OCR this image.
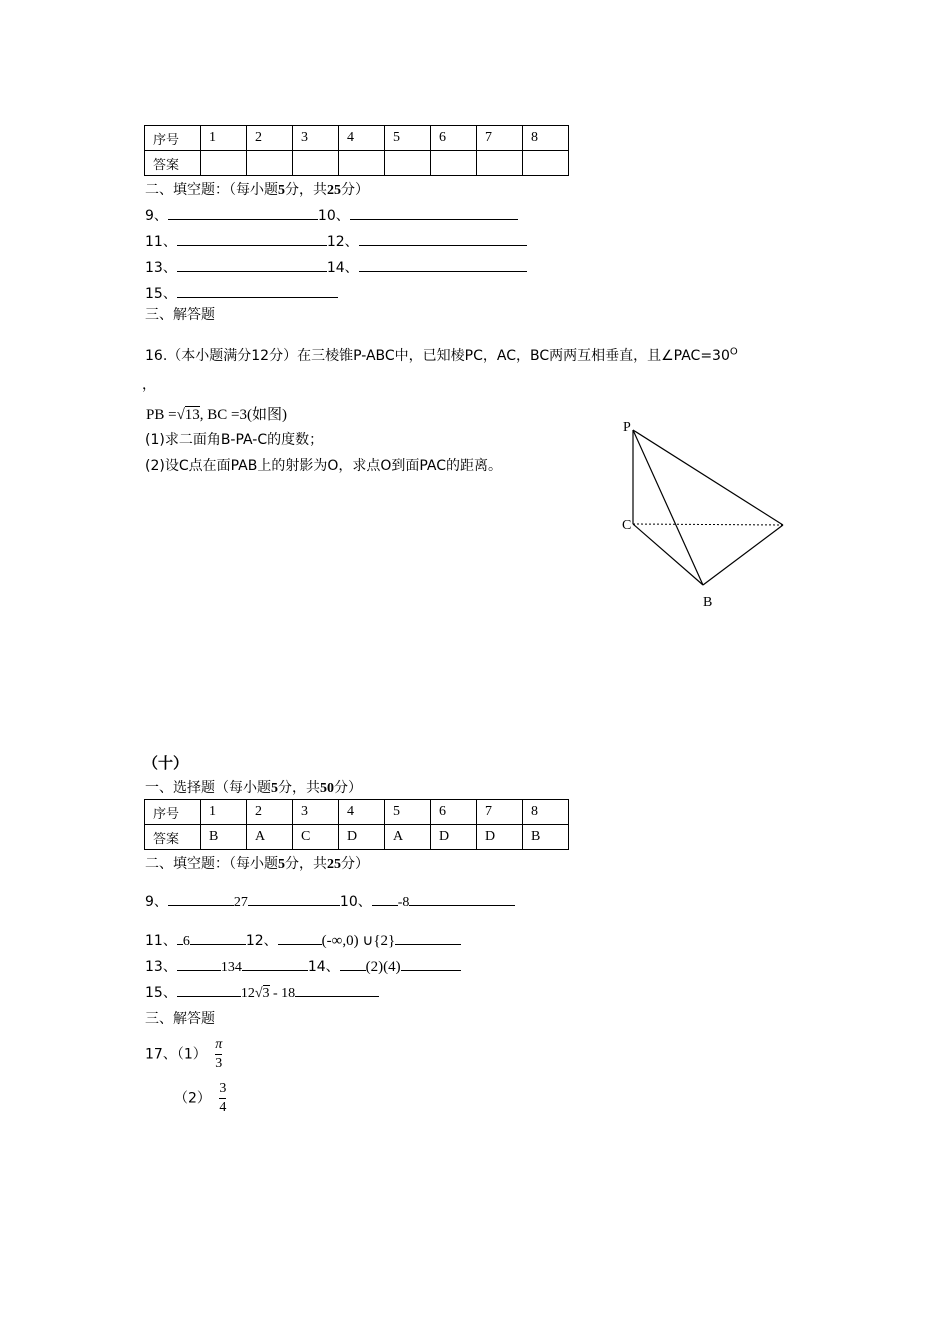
序号	1	2	3	4	5	6	7	8
答案								
二、填空题：（每小题5分，共25分）
9、	10、
11、	12、
13、	14、
15、
三、解答题
16.（本小题满分12分）在三棱锥P-ABC中，已知棱PC，AC，BC两两互相垂直，且$\angle PAC=30^O$
，
PB =√13, BC =3(如图)
(1)求二面角B-PA-C的度数；
(2)设C点在面PAB上的射影为O，求点O到面PAC的距离。
P
C
B
（十）
一、选择题（每小题5分，共50分）
序号	1	2	3	4	5	6	7	8
答案	B	A	C	D	A	D	D	B
二、填空题：（每小题5分，共25分）
9、	27	10、 -8
11、 6	12、	(-∞,0) ∪{2}
13、	134	14、 (2)(4)
15、	12√3 - 18
三、解答题
17、$(1) \frac{\pi}{3}$
$(2) \frac{3}{4}$
